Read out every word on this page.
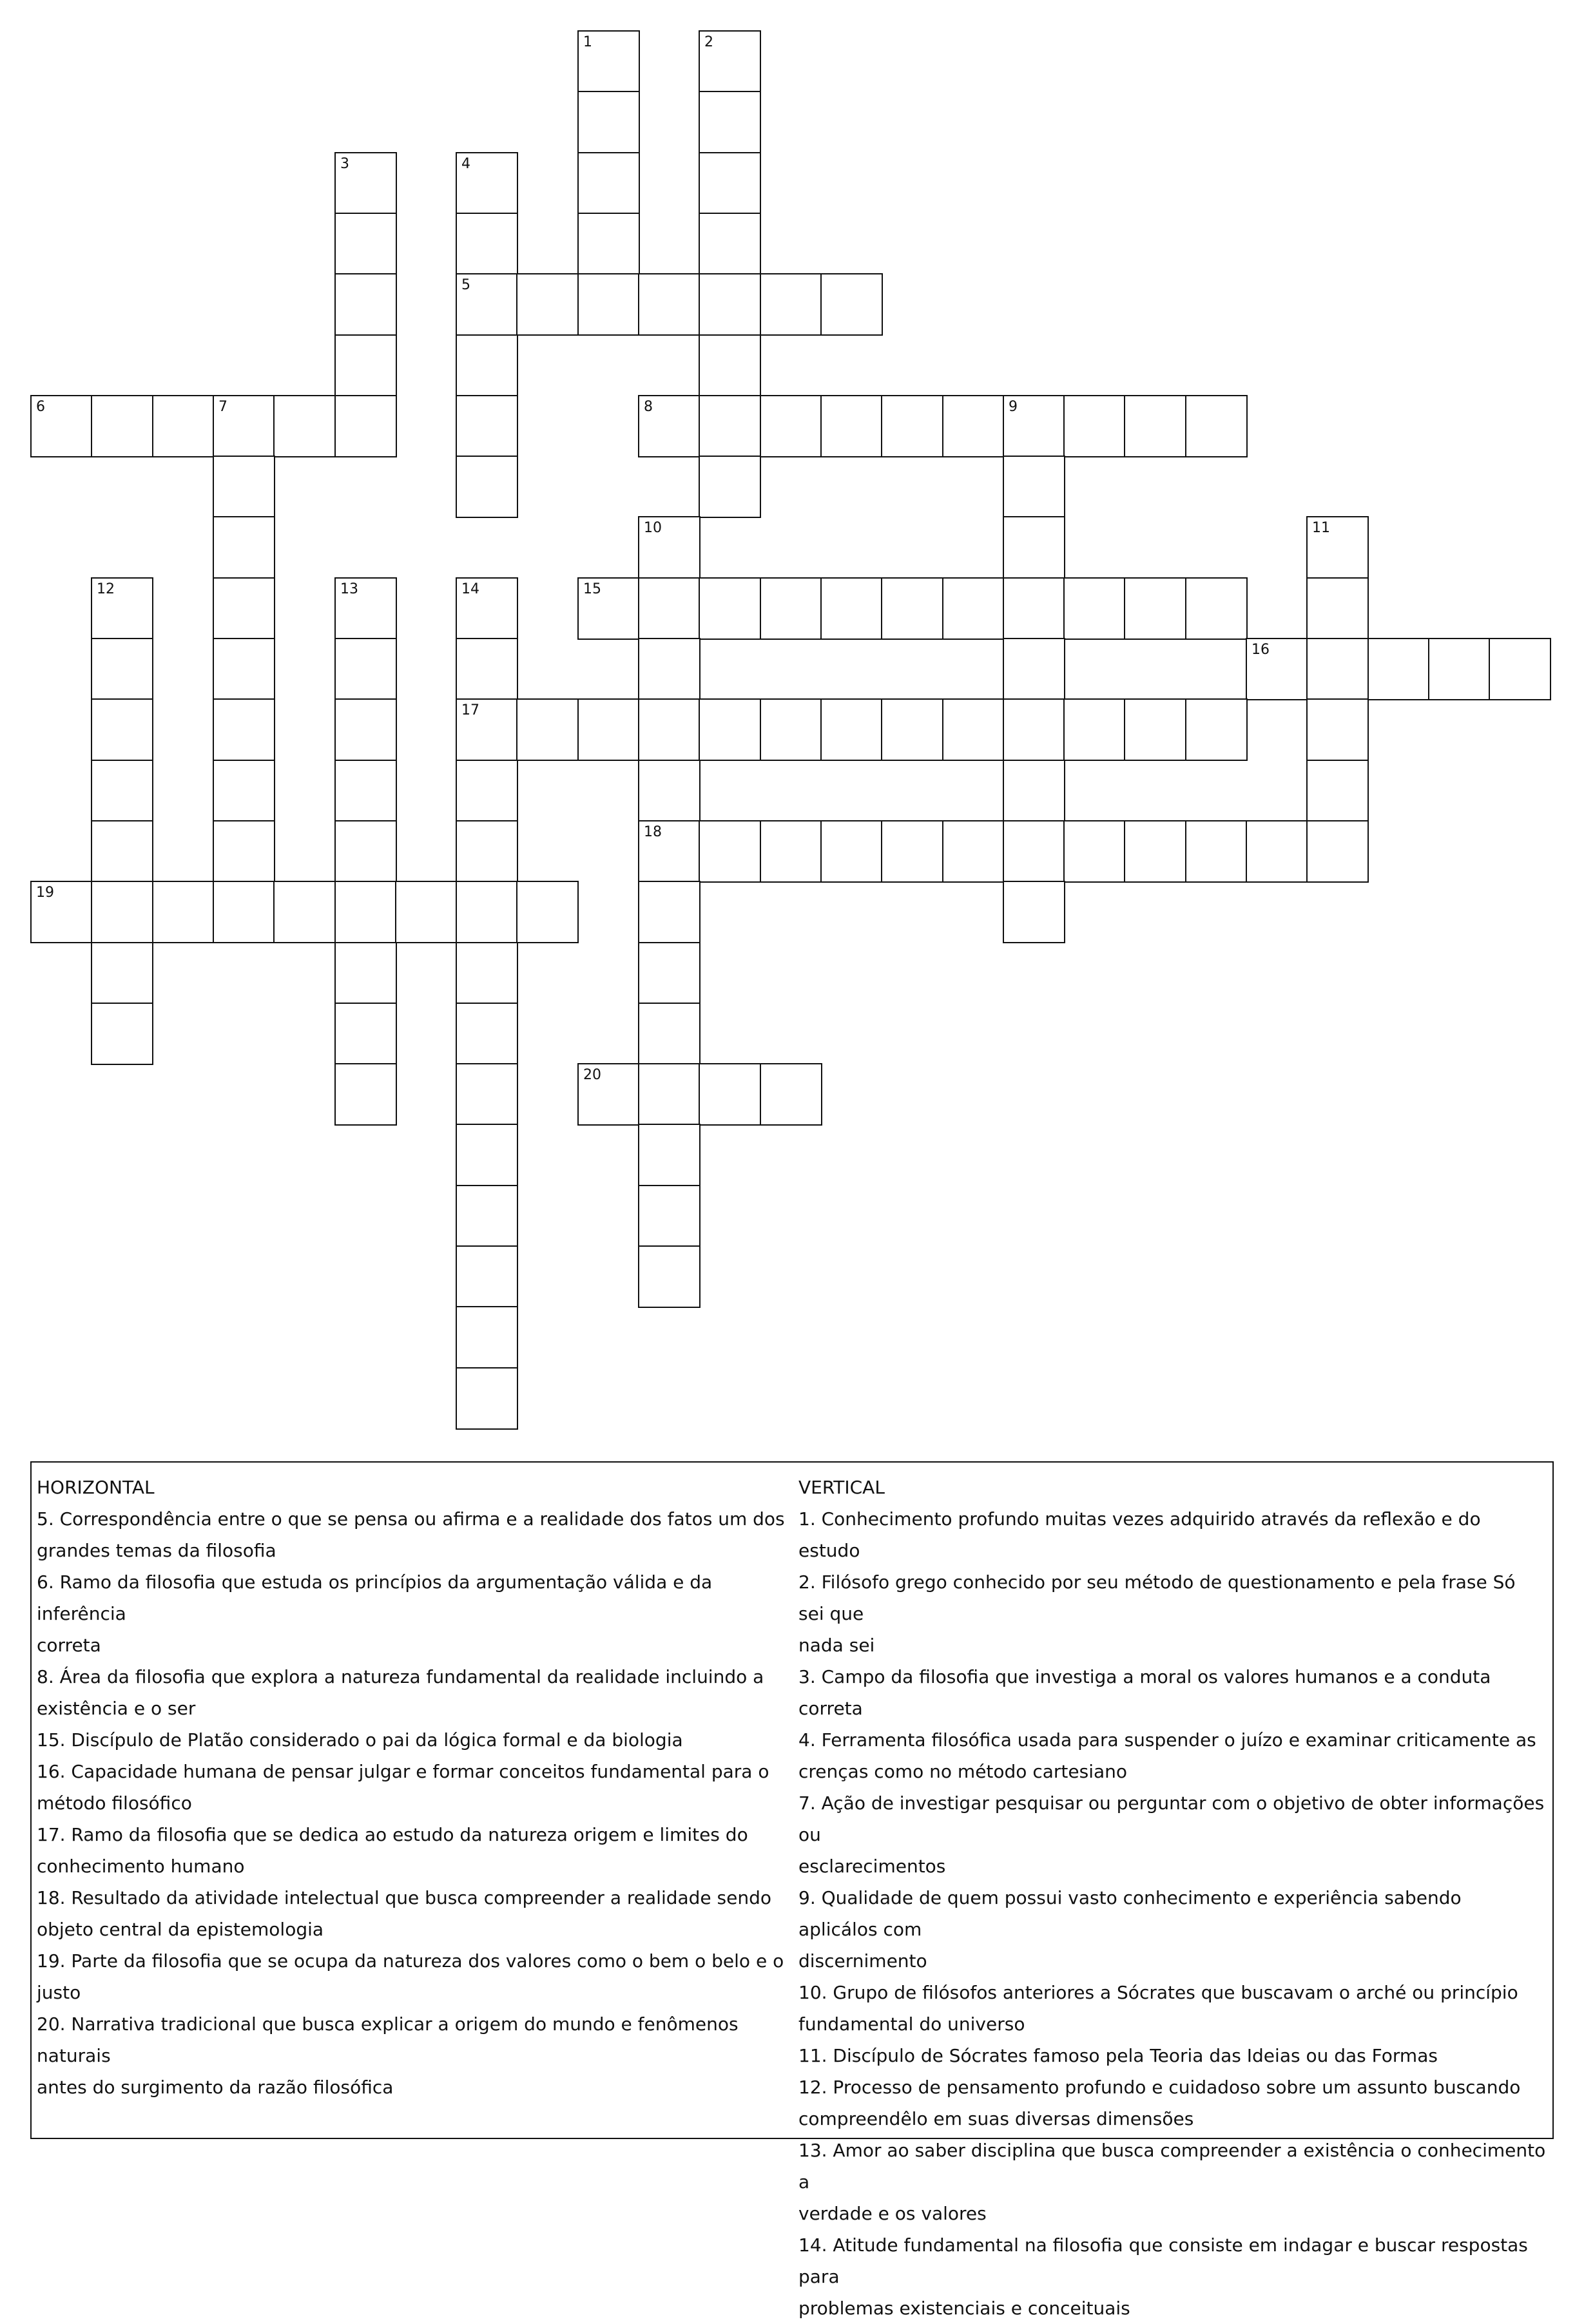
1	2
3	4
5
6	7	8	9
10	11
12	13	14	15
16
17
18
19
20
HORIZONTAL
5. Correspondência entre o que se pensa ou afirma e a realidade dos fatos um dos
grandes temas da filosofia
6. Ramo da filosofia que estuda os princípios da argumentação válida e da inferência
correta
8. Área da filosofia que explora a natureza fundamental da realidade incluindo a
existência e o ser
15. Discípulo de Platão considerado o pai da lógica formal e da biologia
16. Capacidade humana de pensar julgar e formar conceitos fundamental para o
método filosófico
17. Ramo da filosofia que se dedica ao estudo da natureza origem e limites do
conhecimento humano
18. Resultado da atividade intelectual que busca compreender a realidade sendo
objeto central da epistemologia
19. Parte da filosofia que se ocupa da natureza dos valores como o bem o belo e o
justo
20. Narrativa tradicional que busca explicar a origem do mundo e fenômenos naturais
antes do surgimento da razão filosófica
VERTICAL
1. Conhecimento profundo muitas vezes adquirido através da reflexão e do estudo
2. Filósofo grego conhecido por seu método de questionamento e pela frase Só sei que
nada sei
3. Campo da filosofia que investiga a moral os valores humanos e a conduta correta
4. Ferramenta filosófica usada para suspender o juízo e examinar criticamente as
crenças como no método cartesiano
7. Ação de investigar pesquisar ou perguntar com o objetivo de obter informações ou
esclarecimentos
9. Qualidade de quem possui vasto conhecimento e experiência sabendo aplicálos com
discernimento
10. Grupo de filósofos anteriores a Sócrates que buscavam o arché ou princípio
fundamental do universo
11. Discípulo de Sócrates famoso pela Teoria das Ideias ou das Formas
12. Processo de pensamento profundo e cuidadoso sobre um assunto buscando
compreendêlo em suas diversas dimensões
13. Amor ao saber disciplina que busca compreender a existência o conhecimento a
verdade e os valores
14. Atitude fundamental na filosofia que consiste em indagar e buscar respostas para
problemas existenciais e conceituais
